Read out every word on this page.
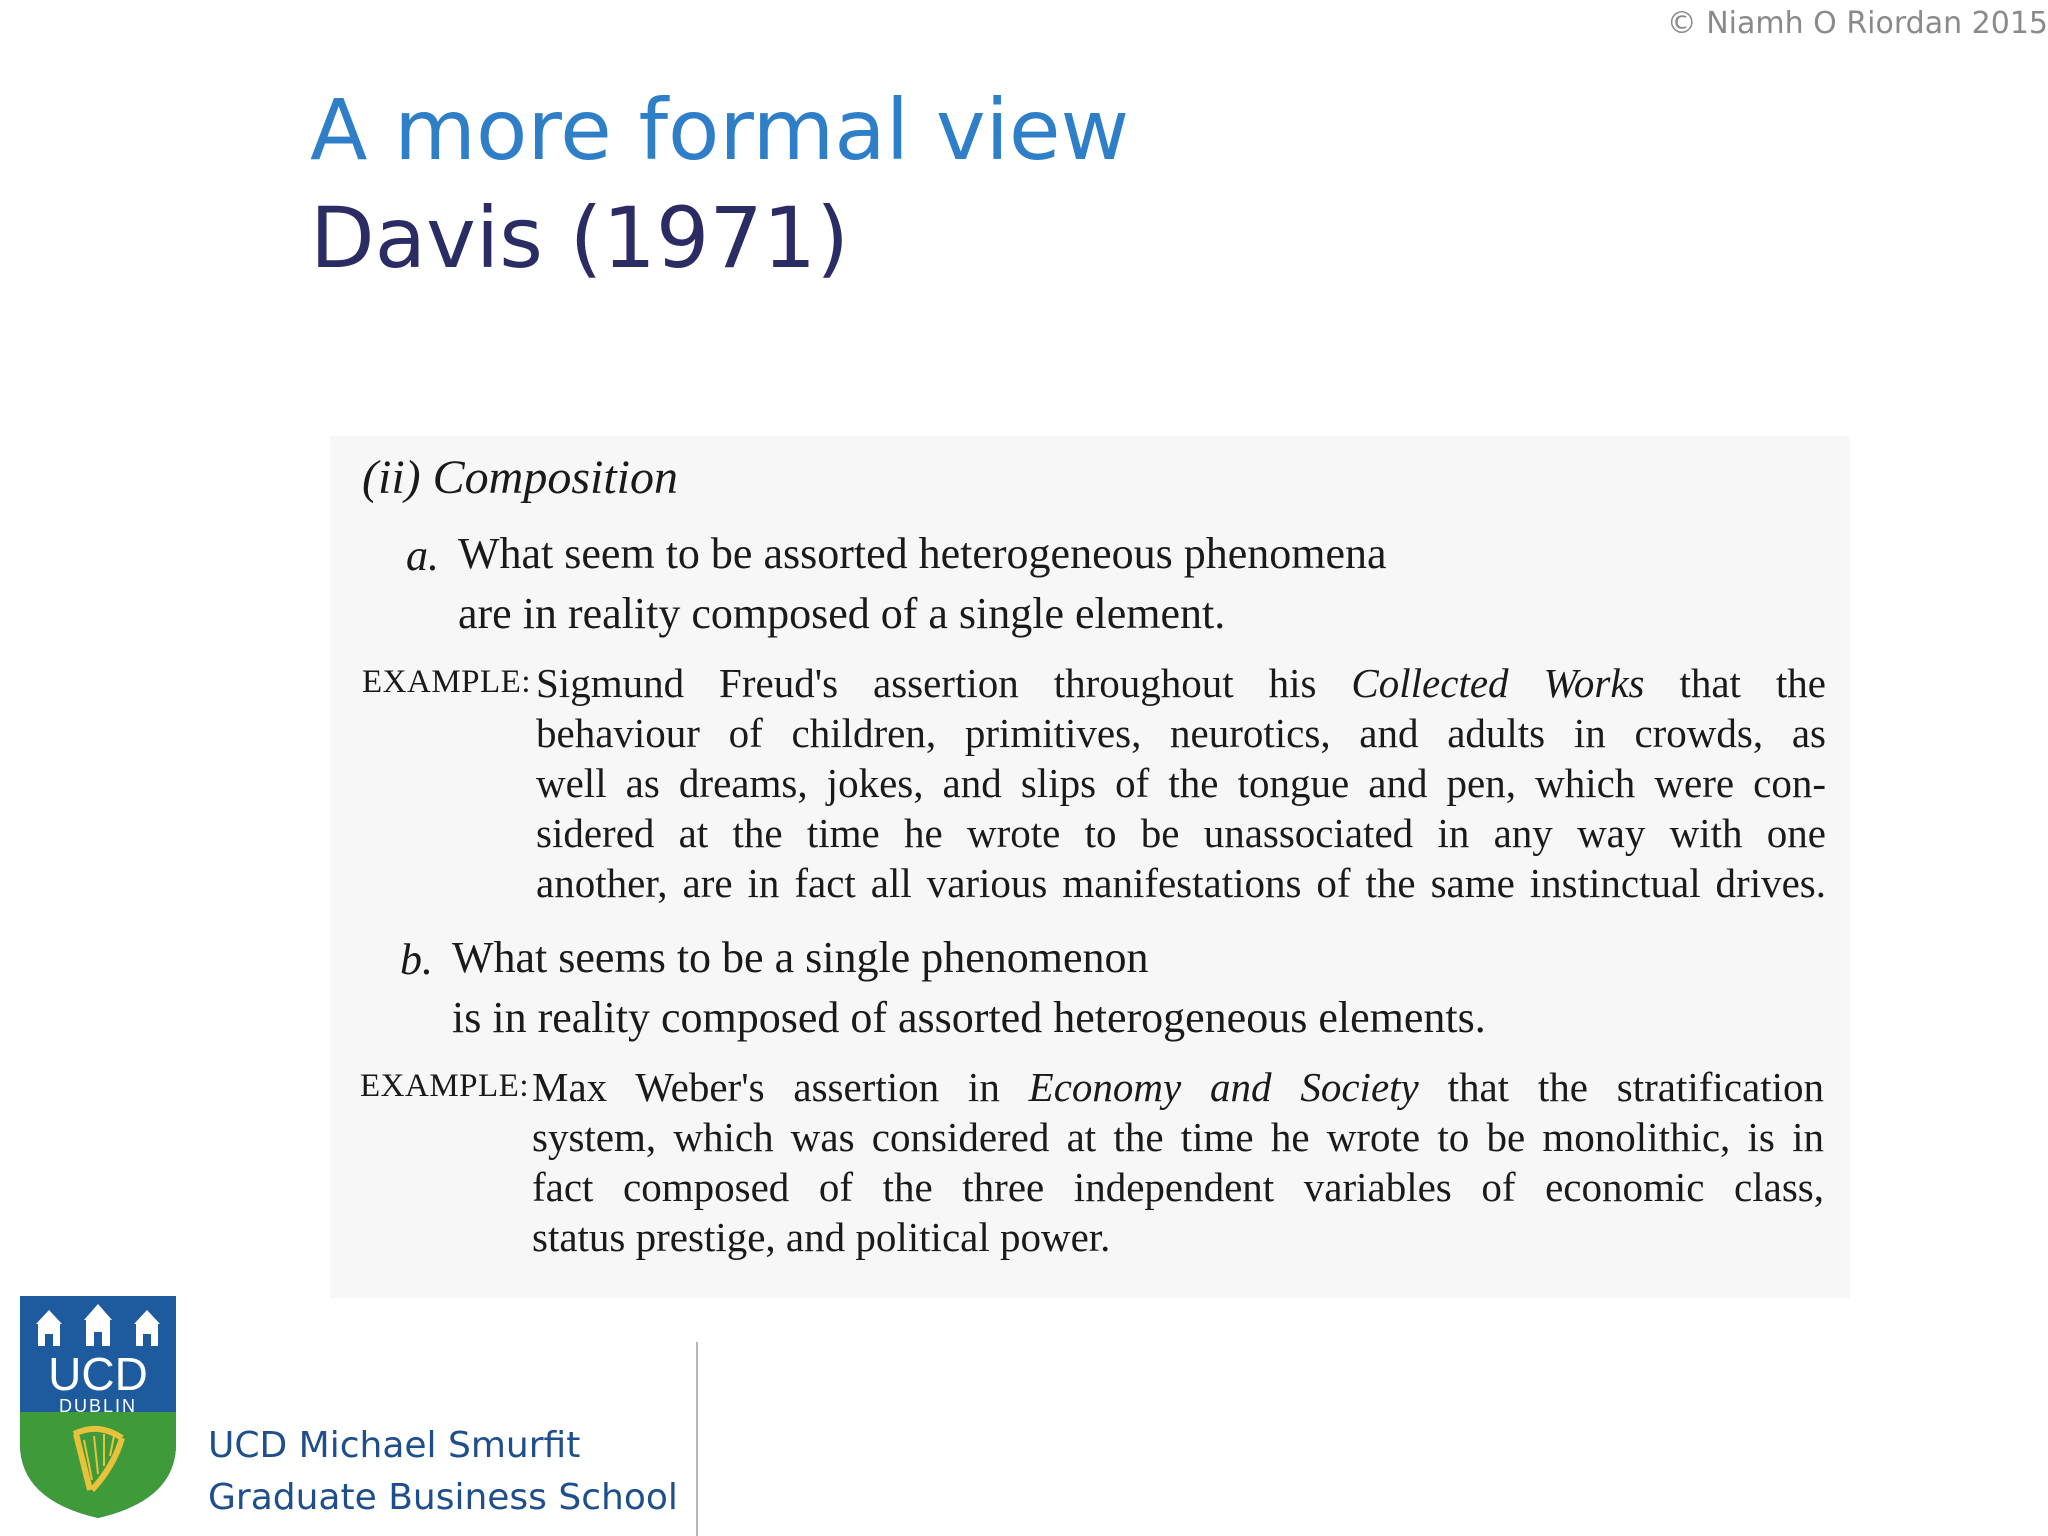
© Niamh O Riordan 2015
A more formal view
Davis (1971)
(ii) Composition
a. What seem to be assorted heterogeneous phenomena
are in reality composed of a single element.
EXAMPLE: Sigmund Freud's assertion throughout his Collected Works that the
behaviour of children, primitives, neurotics, and adults in crowds, as
well as dreams, jokes, and slips of the tongue and pen, which were con-
sidered at the time he wrote to be unassociated in any way with one
another, are in fact all various manifestations of the same instinctual drives.
b. What seems to be a single phenomenon
is in reality composed of assorted heterogeneous elements.
EXAMPLE: Max Weber's assertion in Economy and Society that the stratification
system, which was considered at the time he wrote to be monolithic, is in
fact composed of the three independent variables of economic class,
status prestige, and political power.
UCD
DUBLIN
UCD Michael Smurfit
Graduate Business School
